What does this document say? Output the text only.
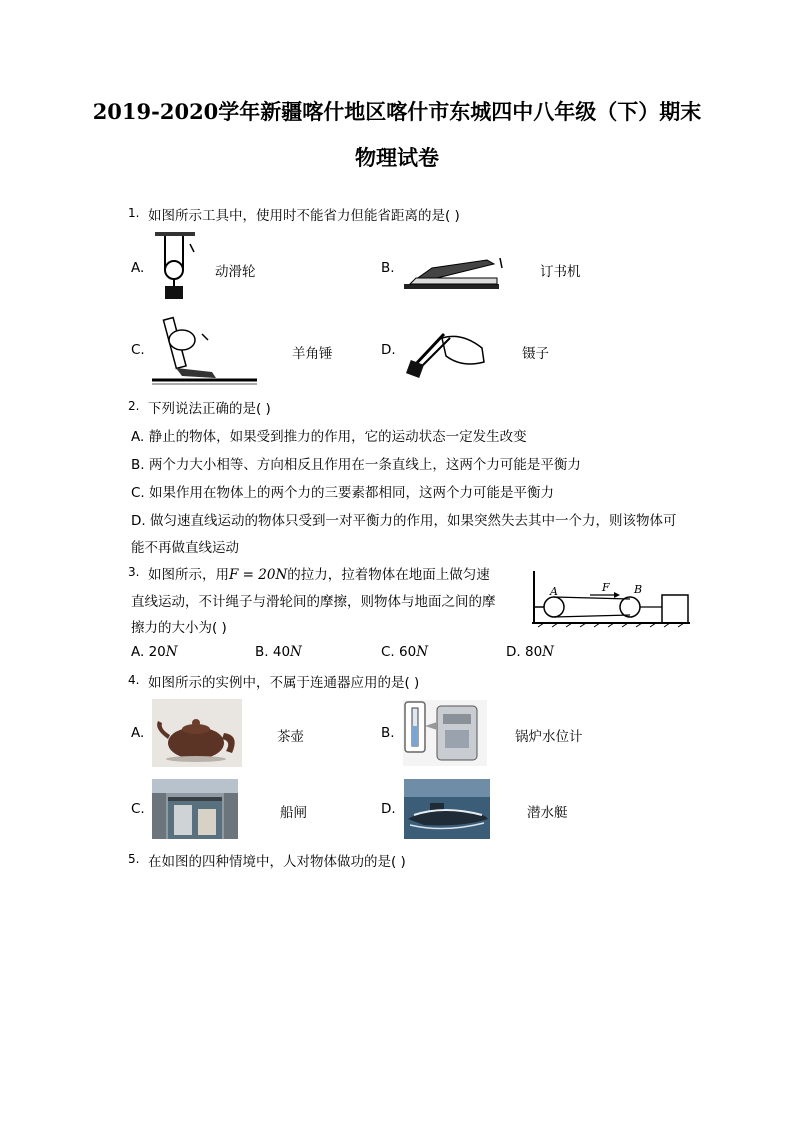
2019-2020学年新疆喀什地区喀什市东城四中八年级（下）期末
物理试卷
1. 如图所示工具中，使用时不能省力但能省距离的是( )
A.	动滑轮	B.	订书机
C.	羊角锤	D.	镊子
2. 下列说法正确的是( )
A. 静止的物体，如果受到推力的作用，它的运动状态一定发生改变
B. 两个力大小相等、方向相反且作用在一条直线上，这两个力可能是平衡力
C. 如果作用在物体上的两个力的三要素都相同，这两个力可能是平衡力
D. 做匀速直线运动的物体只受到一对平衡力的作用，如果突然失去其中一个力，则该物体可
能不再做直线运动
3. 如图所示，用F = 20N的拉力，拉着物体在地面上做匀速
直线运动，不计绳子与滑轮间的摩擦，则物体与地面之间的摩
擦力的大小为( )
A	F B
A. 20N	B. 40N	C. 60N	D. 80N
4. 如图所示的实例中，不属于连通器应用的是( )
A.	茶壶	B.	锅炉水位计
C.	船闸	D.	潜水艇
5. 在如图的四种情境中，人对物体做功的是( )
